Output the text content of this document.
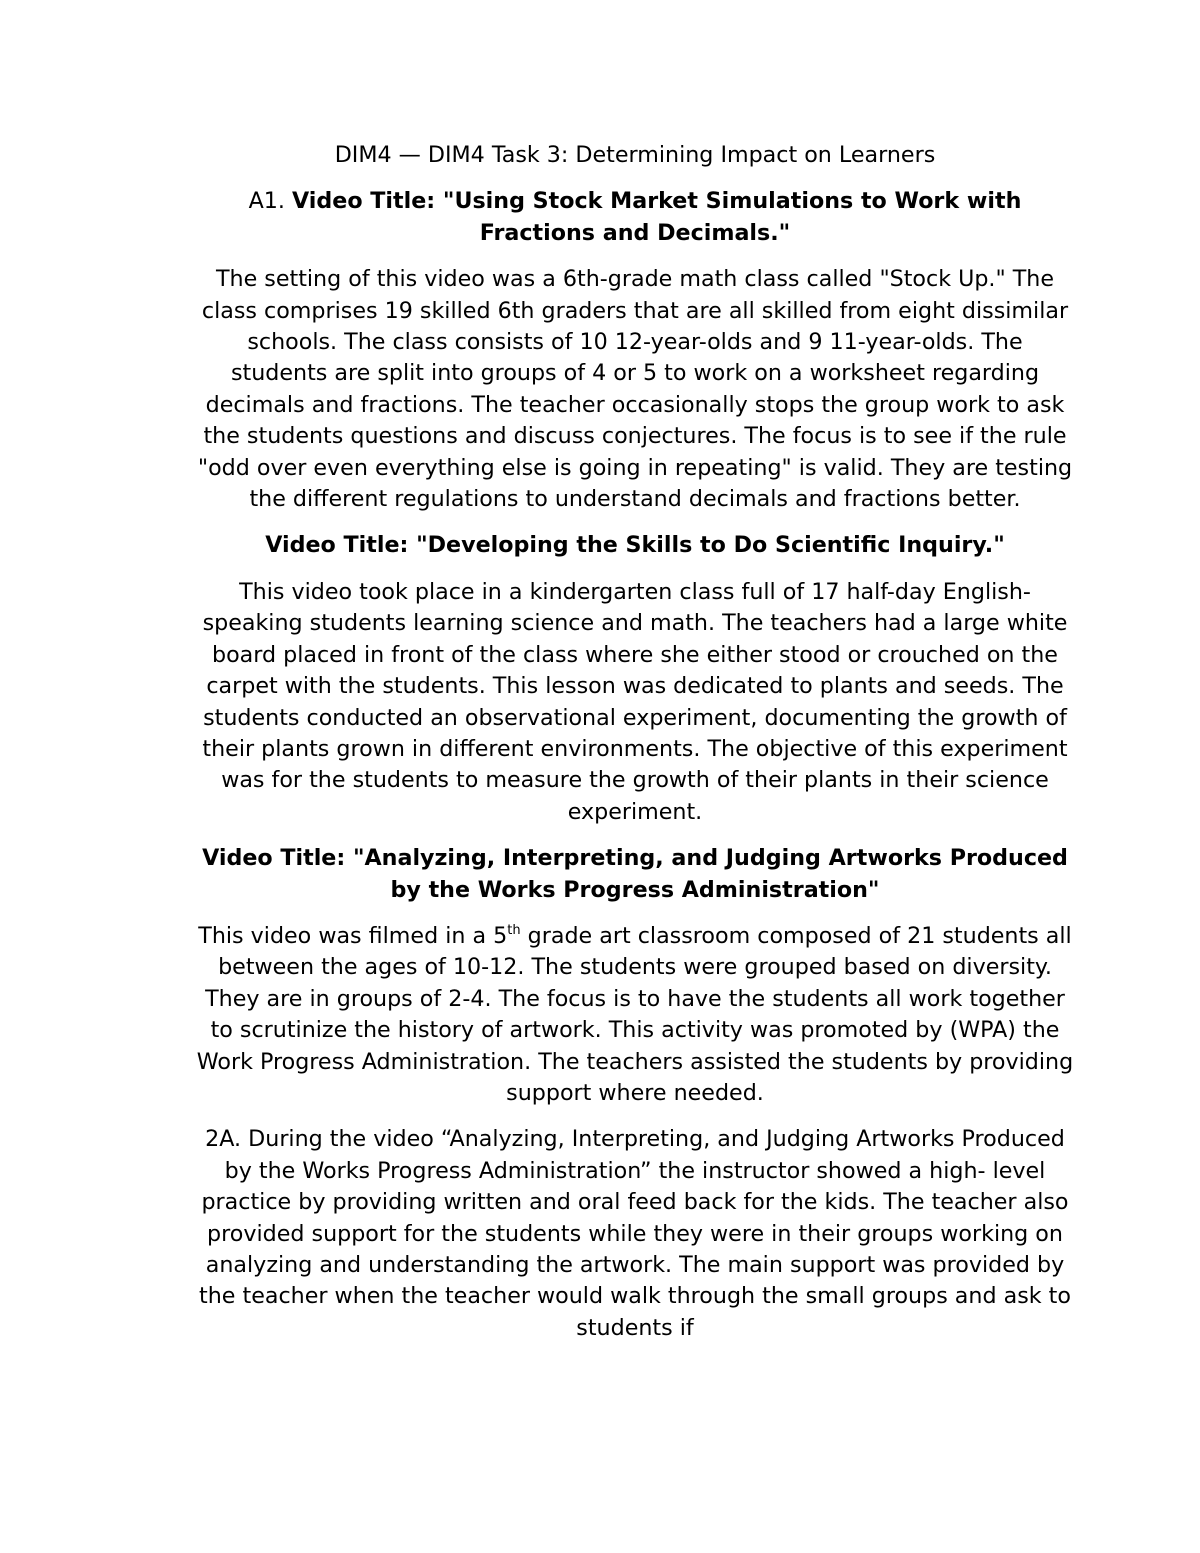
DIM4 — DIM4 Task 3: Determining Impact on Learners

A1. Video Title: "Using Stock Market Simulations to Work with Fractions and Decimals."

The setting of this video was a 6th-grade math class called "Stock Up." The class comprises 19 skilled 6th graders that are all skilled from eight dissimilar schools. The class consists of 10 12-year-olds and 9 11-year-olds. The students are split into groups of 4 or 5 to work on a worksheet regarding decimals and fractions. The teacher occasionally stops the group work to ask the students questions and discuss conjectures. The focus is to see if the rule "odd over even everything else is going in repeating" is valid. They are testing the different regulations to understand decimals and fractions better.

Video Title: "Developing the Skills to Do Scientific Inquiry."

This video took place in a kindergarten class full of 17 half-day English-speaking students learning science and math. The teachers had a large white board placed in front of the class where she either stood or crouched on the carpet with the students. This lesson was dedicated to plants and seeds. The students conducted an observational experiment, documenting the growth of their plants grown in different environments. The objective of this experiment was for the students to measure the growth of their plants in their science experiment.

Video Title: "Analyzing, Interpreting, and Judging Artworks Produced by the Works Progress Administration"

This video was filmed in a 5th grade art classroom composed of 21 students all between the ages of 10-12. The students were grouped based on diversity. They are in groups of 2-4. The focus is to have the students all work together to scrutinize the history of artwork. This activity was promoted by (WPA) the Work Progress Administration. The teachers assisted the students by providing support where needed.

2A. During the video “Analyzing, Interpreting, and Judging Artworks Produced by the Works Progress Administration” the instructor showed a high- level practice by providing written and oral feed back for the kids. The teacher also provided support for the students while they were in their groups working on analyzing and understanding the artwork. The main support was provided by the teacher when the teacher would walk through the small groups and ask to students if
